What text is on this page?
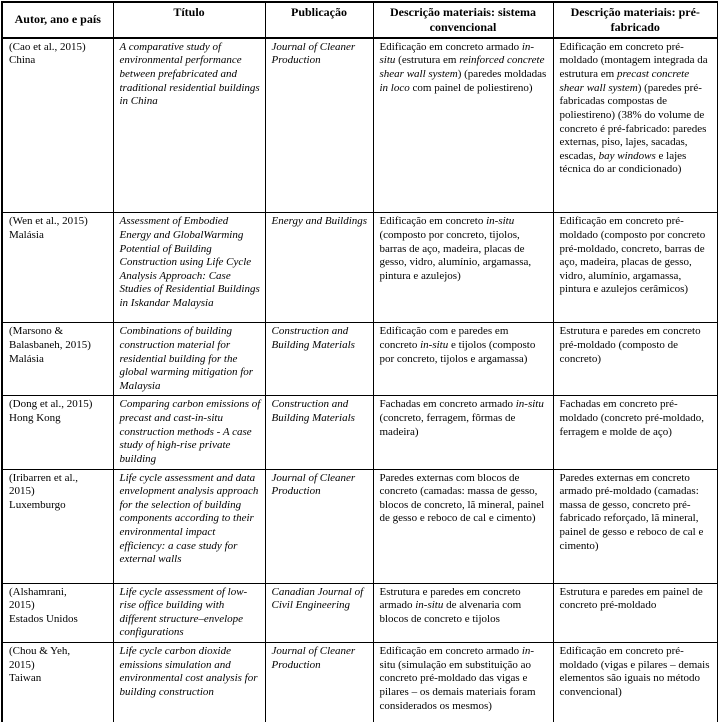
Autor, ano e país	Título	Publicação	Descrição materiais: sistema convencional	Descrição materiais: pré-fabricado
(Cao et al., 2015)
China	A comparative study of environmental performance between prefabricated and traditional residential buildings in China	Journal of Cleaner Production	Edificação em concreto armado in-situ (estrutura em reinforced concrete shear wall system) (paredes moldadas in loco com painel de poliestireno)	Edificação em concreto pré-moldado (montagem integrada da estrutura em precast concrete shear wall system) (paredes pré-fabricadas compostas de poliestireno) (38% do volume de concreto é pré-fabricado: paredes externas, piso, lajes, sacadas, escadas, bay windows e lajes técnica do ar condicionado)
(Wen et al., 2015)
Malásia	Assessment of Embodied Energy and GlobalWarming Potential of Building Construction using Life Cycle Analysis Approach: Case Studies of Residential Buildings in Iskandar Malaysia	Energy and Buildings	Edificação em concreto in-situ (composto por concreto, tijolos, barras de aço, madeira, placas de gesso, vidro, alumínio, argamassa, pintura e azulejos)	Edificação em concreto pré-moldado (composto por concreto pré-moldado, concreto, barras de aço, madeira, placas de gesso, vidro, alumínio, argamassa, pintura e azulejos cerâmicos)
(Marsono &
Balasbaneh, 2015)
Malásia	Combinations of building construction material for residential building for the global warming mitigation for Malaysia	Construction and Building Materials	Edificação com e paredes em concreto in-situ e tijolos (composto por concreto, tijolos e argamassa)	Estrutura e paredes em concreto pré-moldado (composto de concreto)
(Dong et al., 2015)
Hong Kong	Comparing carbon emissions of precast and cast-in-situ construction methods - A case study of high-rise private building	Construction and Building Materials	Fachadas em concreto armado in-situ (concreto, ferragem, fôrmas de madeira)	Fachadas em concreto pré-moldado (concreto pré-moldado, ferragem e molde de aço)
(Iribarren et al.,
2015)
Luxemburgo	Life cycle assessment and data envelopment analysis approach for the selection of building components according to their environmental impact efficiency: a case study for external walls	Journal of Cleaner Production	Paredes externas com blocos de concreto (camadas: massa de gesso, blocos de concreto, lã mineral, painel de gesso e reboco de cal e cimento)	Paredes externas em concreto armado pré-moldado (camadas: massa de gesso, concreto pré-fabricado reforçado, lã mineral, painel de gesso e reboco de cal e cimento)
(Alshamrani,
2015)
Estados Unidos	Life cycle assessment of low-rise office building with different structure–envelope configurations	Canadian Journal of Civil Engineering	Estrutura e paredes em concreto armado in-situ de alvenaria com blocos de concreto e tijolos	Estrutura e paredes em painel de concreto pré-moldado
(Chou & Yeh,
2015)
Taiwan	Life cycle carbon dioxide emissions simulation and environmental cost analysis for building construction	Journal of Cleaner Production	Edificação em concreto armado in-situ (simulação em substituição ao concreto pré-moldado das vigas e pilares – os demais materiais foram considerados os mesmos)	Edificação em concreto pré-moldado (vigas e pilares – demais elementos são iguais no método convencional)
